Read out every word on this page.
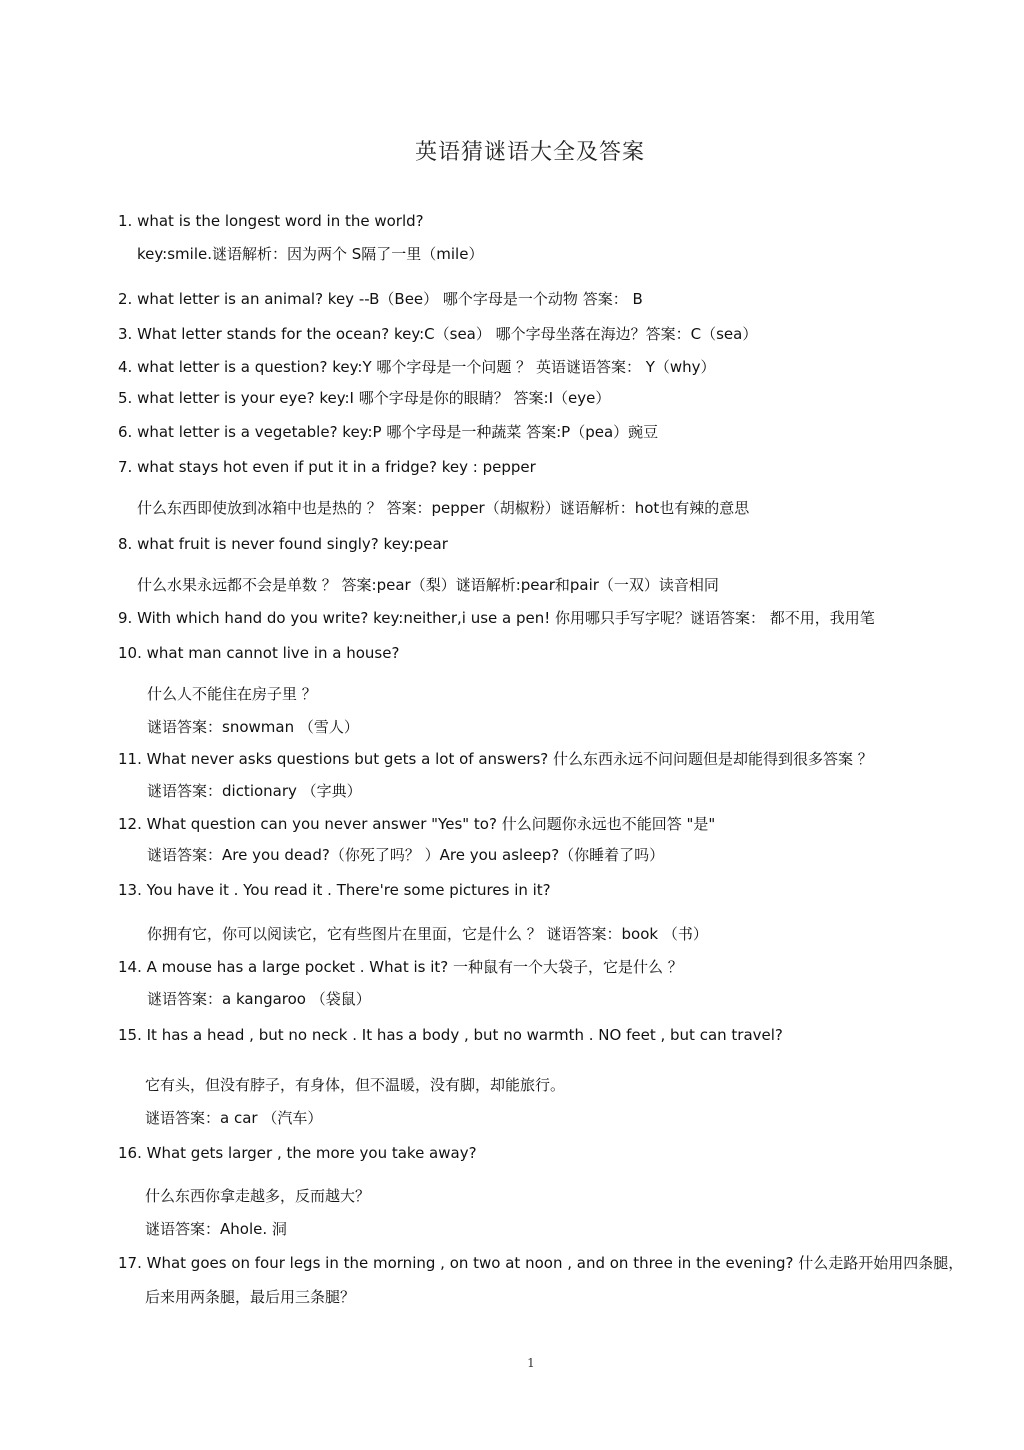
英语猜谜语大全及答案
1. what is the longest word in the world?
key:smile.谜语解析：因为两个 S隔了一里（mile）
2. what letter is an animal? key --B（Bee） 哪个字母是一个动物 答案： B
3. What letter stands for the ocean? key:C（sea） 哪个字母坐落在海边？答案：C（sea）
4. what letter is a question? key:Y 哪个字母是一个问题 ？ 英语谜语答案： Y（why）
5. what letter is your eye? key:I 哪个字母是你的眼睛？ 答案:I（eye）
6. what letter is a vegetable? key:P 哪个字母是一种蔬菜 答案:P（pea）豌豆
7. what stays hot even if put it in a fridge? key : pepper
什么东西即使放到冰箱中也是热的 ？ 答案：pepper（胡椒粉）谜语解析：hot也有辣的意思
8. what fruit is never found singly? key:pear
什么水果永远都不会是单数 ？ 答案:pear（梨）谜语解析:pear和pair（一双）读音相同
9. With which hand do you write? key:neither,i use a pen! 你用哪只手写字呢？谜语答案： 都不用，我用笔
10. what man cannot live in a house?
什么人不能住在房子里 ？
谜语答案：snowman （雪人）
11. What never asks questions but gets a lot of answers? 什么东西永远不问问题但是却能得到很多答案 ？
谜语答案：dictionary （字典）
12. What question can you never answer "Yes" to? 什么问题你永远也不能回答 "是"
谜语答案：Are you dead?（你死了吗？ ）Are you asleep?（你睡着了吗）
13. You have it . You read it . There're some pictures in it?
你拥有它，你可以阅读它，它有些图片在里面，它是什么 ？ 谜语答案：book （书）
14. A mouse has a large pocket . What is it? 一种鼠有一个大袋子，它是什么 ？
谜语答案：a kangaroo （袋鼠）
15. It has a head , but no neck . It has a body , but no warmth . NO feet , but can travel?
它有头，但没有脖子，有身体，但不温暖，没有脚，却能旅行。
谜语答案：a car （汽车）
16. What gets larger , the more you take away?
什么东西你拿走越多，反而越大？
谜语答案：Ahole. 洞
17. What goes on four legs in the morning , on two at noon , and on three in the evening? 什么走路开始用四条腿，
后来用两条腿，最后用三条腿？
1
